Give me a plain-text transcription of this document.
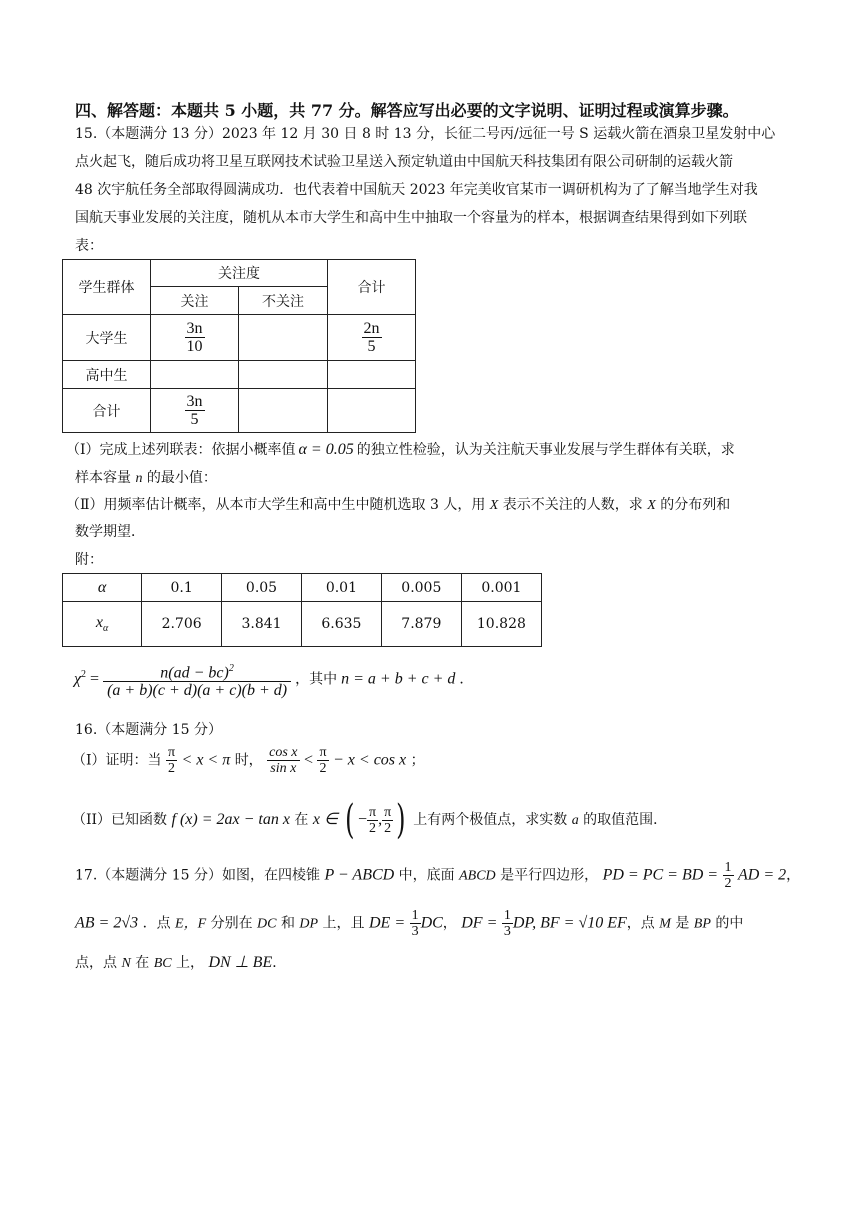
四、解答题：本题共 5 小题，共 77 分。解答应写出必要的文字说明、证明过程或演算步骤。
15.（本题满分 13 分）2023 年 12 月 30 日 8 时 13 分，长征二号丙/远征一号 S 运载火箭在酒泉卫星发射中心
点火起飞，随后成功将卫星互联网技术试验卫星送入预定轨道由中国航天科技集团有限公司研制的运载火箭
48 次宇航任务全部取得圆满成功．也代表着中国航天 2023 年完美收官某市一调研机构为了了解当地学生对我
国航天事业发展的关注度，随机从本市大学生和高中生中抽取一个容量为的样本，根据调查结果得到如下列联
表：
学生群体	关注度		合计
	关注	不关注	
大学生	$\frac{3n}{10}$		$\frac{2n}{5}$

高中生			
合计	$\frac{3n}{5}$

（I）完成上述列联表：依据小概率值 α = 0.05 的独立性检验，认为关注航天事业发展与学生群体有关联，求
样本容量 n 的最小值：
（Ⅱ）用频率估计概率，从本市大学生和高中生中随机选取 3 人，用 X 表示不关注的人数，求 X 的分布列和
数学期望．
附：
α	0.1	0.05	0.01	0.005	0.001
$x_\alpha$	2.706	3.841	6.635	7.879	10.828
$\chi^2 = \frac{n(ad - bc)^2}{(a + b)(c + d)(a + c)(b + d)}$ ，其中 n = a + b + c + d ．
16.（本题满分 15 分）
（I）证明：当 $\frac{\pi}{2} < x < \pi$ 时， $\frac{\text{cos x}}{\text{sin x}} < \frac{\pi}{2} - x < \cos x$ ；
（II）已知函数 f (x) = 2ax − tan x 在 x ∈ ( − $\frac{\pi}{2}$ , $\frac{\pi}{2}$ ) 上有两个极值点，求实数 a 的取值范围．
17.（本题满分 15 分）如图，在四棱锥 P − ABCD 中，底面 ABCD 是平行四边形， PD = PC = BD = $\frac{1}{2}$ AD = 2，
AB = 2√3 ．点 E，F 分别在 DC 和 DP 上，且 DE = $\frac{1}{3}$ DC， DF = $\frac{1}{3}$ DP, BF = √10 EF，点 M 是 BP 的中
点，点 N 在 BC 上， DN ⊥ BE．
